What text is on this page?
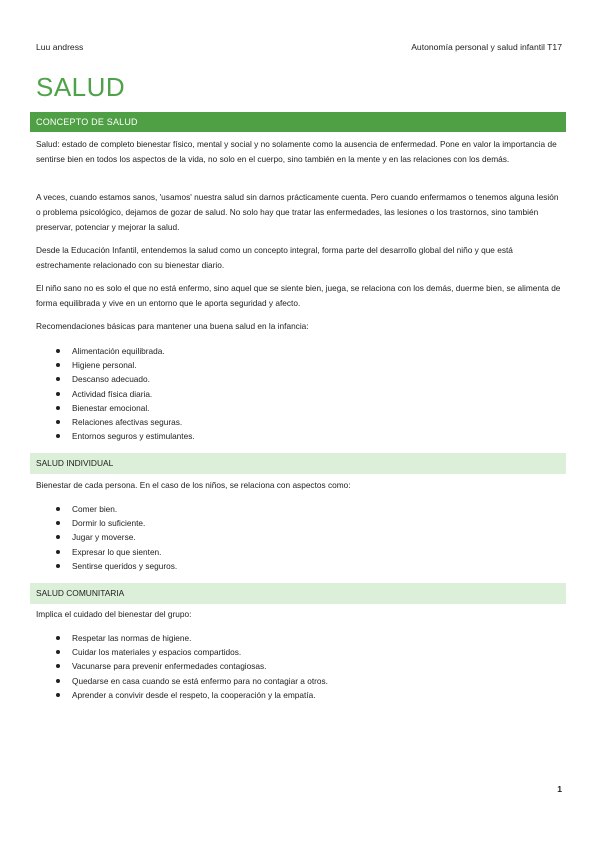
Luu andress	Autonomía personal y salud infantil T17
SALUD
CONCEPTO DE SALUD

Salud: estado de completo bienestar físico, mental y social y no solamente como la ausencia de enfermedad. Pone en valor la importancia de sentirse bien en todos los aspectos de la vida, no solo en el cuerpo, sino también en la mente y en las relaciones con los demás.

A veces, cuando estamos sanos, 'usamos' nuestra salud sin darnos prácticamente cuenta. Pero cuando enfermamos o tenemos alguna lesión o problema psicológico, dejamos de gozar de salud. No solo hay que tratar las enfermedades, las lesiones o los trastornos, sino también preservar, potenciar y mejorar la salud.

Desde la Educación Infantil, entendemos la salud como un concepto integral, forma parte del desarrollo global del niño y que está estrechamente relacionado con su bienestar diario.

El niño sano no es solo el que no está enfermo, sino aquel que se siente bien, juega, se relaciona con los demás, duerme bien, se alimenta de forma equilibrada y vive en un entorno que le aporta seguridad y afecto.

Recomendaciones básicas para mantener una buena salud en la infancia:

Alimentación equilibrada.
Higiene personal.
Descanso adecuado.
Actividad física diaria.
Bienestar emocional.
Relaciones afectivas seguras.
Entornos seguros y estimulantes.
SALUD INDIVIDUAL

Bienestar de cada persona. En el caso de los niños, se relaciona con aspectos como:

Comer bien.
Dormir lo suficiente.
Jugar y moverse.
Expresar lo que sienten.
Sentirse queridos y seguros.
SALUD COMUNITARIA

Implica el cuidado del bienestar del grupo:

Respetar las normas de higiene.
Cuidar los materiales y espacios compartidos.
Vacunarse para prevenir enfermedades contagiosas.
Quedarse en casa cuando se está enfermo para no contagiar a otros.
Aprender a convivir desde el respeto, la cooperación y la empatía.
1
